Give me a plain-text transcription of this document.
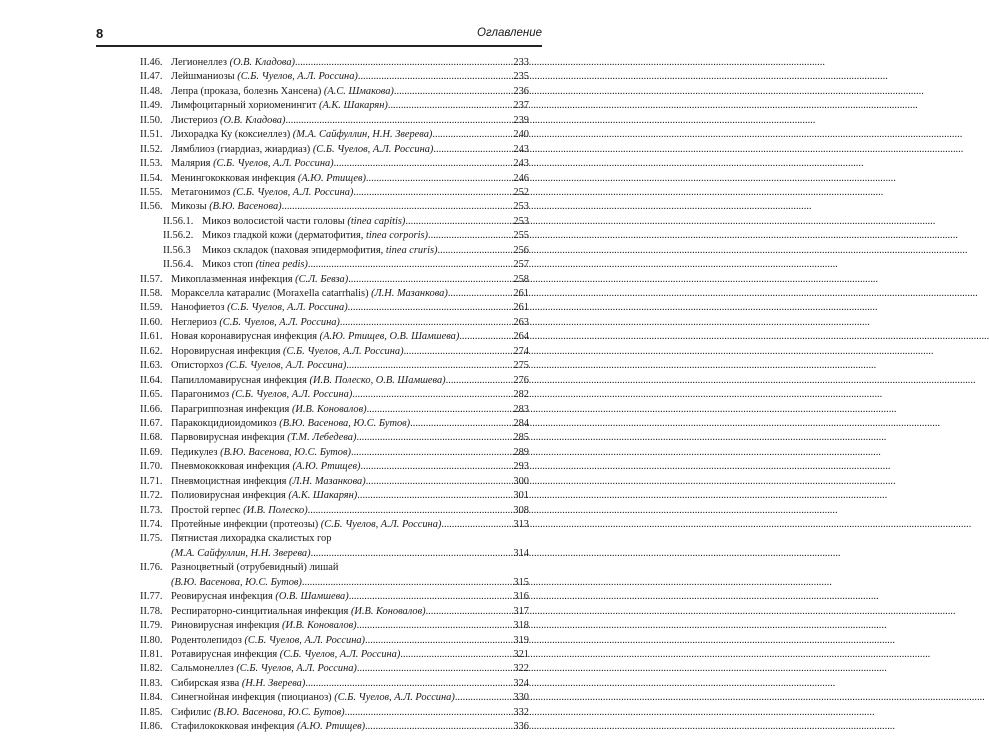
8	Оглавление
II.46. Легионеллез (О.В. Кладова) .....	233
II.47. Лейшманиозы (С.Б. Чуелов, А.Л. Россина) .....	235
II.48. Лепра (проказа, болезнь Хансена) (А.С. Шмакова) .....	236
II.49. Лимфоцитарный хориоменингит (А.К. Шакарян) .....	237
II.50. Листериоз (О.В. Кладова) .....	239
II.51. Лихорадка Ку (коксиеллез) (М.А. Сайфуллин, Н.Н. Зверева) .....	240
II.52. Лямблиоз (гиардиаз, жиардиаз) (С.Б. Чуелов, А.Л. Россина) .....	243
II.53. Малярия (С.Б. Чуелов, А.Л. Россина) .....	243
II.54. Менингококковая инфекция (А.Ю. Ртищев) .....	246
II.55. Метагонимоз (С.Б. Чуелов, А.Л. Россина) .....	252
II.56. Микозы (В.Ю. Васенова) .....	253
II.56.1. Микоз волосистой части головы (tinea capitis) .....	253
II.56.2. Микоз гладкой кожи (дерматофития, tinea corporis) .....	255
II.56.3 Микоз складок (паховая эпидермофития, tinea cruris) .....	256
II.56.4. Микоз стоп (tinea pedis) .....	257
II.57. Микоплазменная инфекция (С.Л. Бевза) .....	258
II.58. Моракселла катаралис (Moraxella catarrhalis) (Л.Н. Мазанкова) .....	261
II.59. Нанофиетоз (С.Б. Чуелов, А.Л. Россина) .....	261
II.60. Неглериоз (С.Б. Чуелов, А.Л. Россина) .....	263
II.61. Новая коронавирусная инфекция (А.Ю. Ртищев, О.В. Шамшева) .....	264
II.62. Норовирусная инфекция (С.Б. Чуелов, А.Л. Россина) .....	274
II.63. Описторхоз (С.Б. Чуелов, А.Л. Россина) .....	275
II.64. Папилломавирусная инфекция (И.В. Полеско, О.В. Шамшева) .....	276
II.65. Парагонимоз (С.Б. Чуелов, А.Л. Россина) .....	282
II.66. Парагриппозная инфекция (И.В. Коновалов) .....	283
II.67. Паракокцидиоидомикоз (В.Ю. Васенова, Ю.С. Бутов) .....	284
II.68. Парвовирусная инфекция (Т.М. Лебедева) .....	285
II.69. Педикулез (В.Ю. Васенова, Ю.С. Бутов) .....	289
II.70. Пневмококковая инфекция (А.Ю. Ртищев) .....	293
II.71. Пневмоцистная инфекция (Л.Н. Мазанкова) .....	300
II.72. Полиовирусная инфекция (А.К. Шакарян) .....	301
II.73. Простой герпес (И.В. Полеско) .....	308
II.74. Протейные инфекции (протеозы) (С.Б. Чуелов, А.Л. Россина) .....	313
II.75. Пятнистая лихорадка скалистых гор
(М.А. Сайфуллин, Н.Н. Зверева) .....	314
II.76. Разноцветный (отрубевидный) лишай
(В.Ю. Васенова, Ю.С. Бутов) .....	315
II.77. Реовирусная инфекция (О.В. Шамшева) .....	316
II.78. Респираторно-синцитиальная инфекция (И.В. Коновалов) .....	317
II.79. Риновирусная инфекция (И.В. Коновалов) .....	318
II.80. Родентолепидоз (С.Б. Чуелов, А.Л. Россина) .....	319
II.81. Ротавирусная инфекция (С.Б. Чуелов, А.Л. Россина) .....	321
II.82. Сальмонеллез (С.Б. Чуелов, А.Л. Россина) .....	322
II.83. Сибирская язва (Н.Н. Зверева) .....	324
II.84. Синегнойная инфекция (пиоцианоз) (С.Б. Чуелов, А.Л. Россина) .....	330
II.85. Сифилис (В.Ю. Васенова, Ю.С. Бутов) .....	332
II.86. Стафилококковая инфекция (А.Ю. Ртищев) .....	336
